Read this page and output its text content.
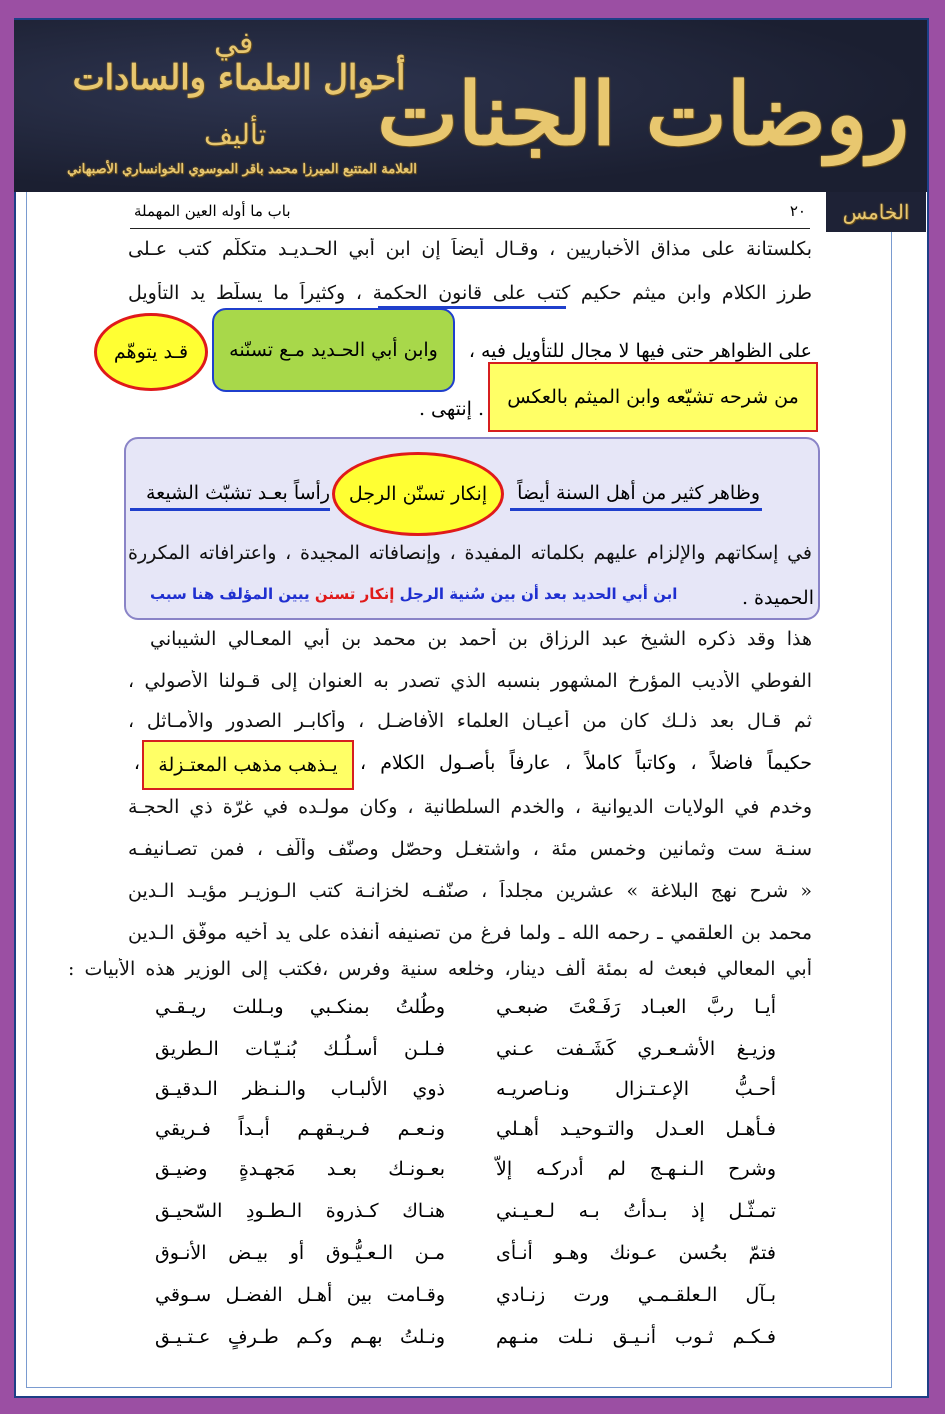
روضات الجنات
في
أحوال العلماء والسادات
تأليف
العلامة المتتبع الميرزا محمد باقر الموسوي الخوانساري الأصبهاني
الخامس
٢٠
باب ما أوله العين المهملة
بكلستانة على مذاق الأخباريين ، وقـال أيضاً إن ابن أبي الحـديـد متكلّم كتب عـلى
طرز الكلام وابن ميثم حكيم كتب على قانون الحكمة ، وكثيراً ما يسلّط يد التأويل
على الظواهر حتى فيها لا مجال للتأويل فيه ،
وابن أبي الحـديد مـع تسنّنه
قـد يتوهّم
من شرحه تشيّعه وابن الميثم بالعكس
. إنتهى .
وظاهر كثير من أهل السنة أيضاً
إنكار تسنّن الرجل
رأساً بعـد تشبّث الشيعة
في إسكاتهم والإلزام عليهم بكلماته المفيدة ، وإنصافاته المجيدة ، واعترافاته المكررة
الحميدة .
ابن أبي الحديد بعد أن بين سُنية الرجل إنكار تسنن يبين المؤلف هنا سبب
هذا وقد ذكره الشيخ عبد الرزاق بن أحمد بن محمد بن أبي المعـالي الشيباني
الفوطي الأديب المؤرخ المشهور بنسبه الذي تصدر به العنوان إلى قـولنا الأصولي ،
ثم قـال بعد ذلـك كان من أعيـان العلماء الأفاضـل ، وأكابـر الصدور والأمـاثل ،
حكيماً فاضلاً ، وكاتباً كاملاً ، عارفاً بأصـول الكلام ،
يـذهب مذهب المعتـزلة
،
وخدم في الولايات الديوانية ، والخدم السلطانية ، وكان مولـده في غرّة ذي الحجـة
سنـة ست وثمانين وخمس مئة ، واشتغـل وحصّل وصنّف وألّف ، فمن تصـانيفـه
« شرح نهج البلاغة » عشرين مجلداً ، صنّفـه لخزانـة كتب الـوزيـر مؤيـد الـدين
محمد بن العلقمي ـ رحمه الله ـ ولما فرغ من تصنيفه أنفذه على يد أخيه موفّق الـدين
أبي المعالي فبعث له بمئة ألف دينار، وخلعه سنية وفرس ،فكتب إلى الوزير هذه الأبيات :
أيـا ربَّ العبـاد رَفَـعْتَ ضبعـي
وطُلتُ بمنكـبي وبـللت ريـقـي
وزيـغ الأشـعـري كَشَـفت عـني
فـلـن أسـلُـك بُنـيّـات الـطريق
أحـبُّ الإعـتـزال ونـاصريـه
ذوي الألبـاب والـنـظر الـدقيـق
فـأهـل العـدل والتـوحيـد أهـلي
ونـعـم فـريـقهـم أبـداً فـريقي
وشرح الـنـهـج لم أدركـه إلاّ
بعـونـك بعـد مَجهـدةٍ وضيـق
تمـثّـل إذ بـدأتُ بـه لـعـيـني
هنـاك كـذروة الـطـودِ السّحيـق
فتمّ بحُسن عـونك وهـو أنـأى
مـن الـعـيُّـوق أو بيـض الأنـوق
بـآل الـعلقـمـي ورت زنـادي
وقـامت بين أهـل الفضـل سـوقي
فـكـم ثـوب أنـيـق نـلت منـهم
ونـلتُ بهـم وكـم طـرفٍ عـتـيـق
